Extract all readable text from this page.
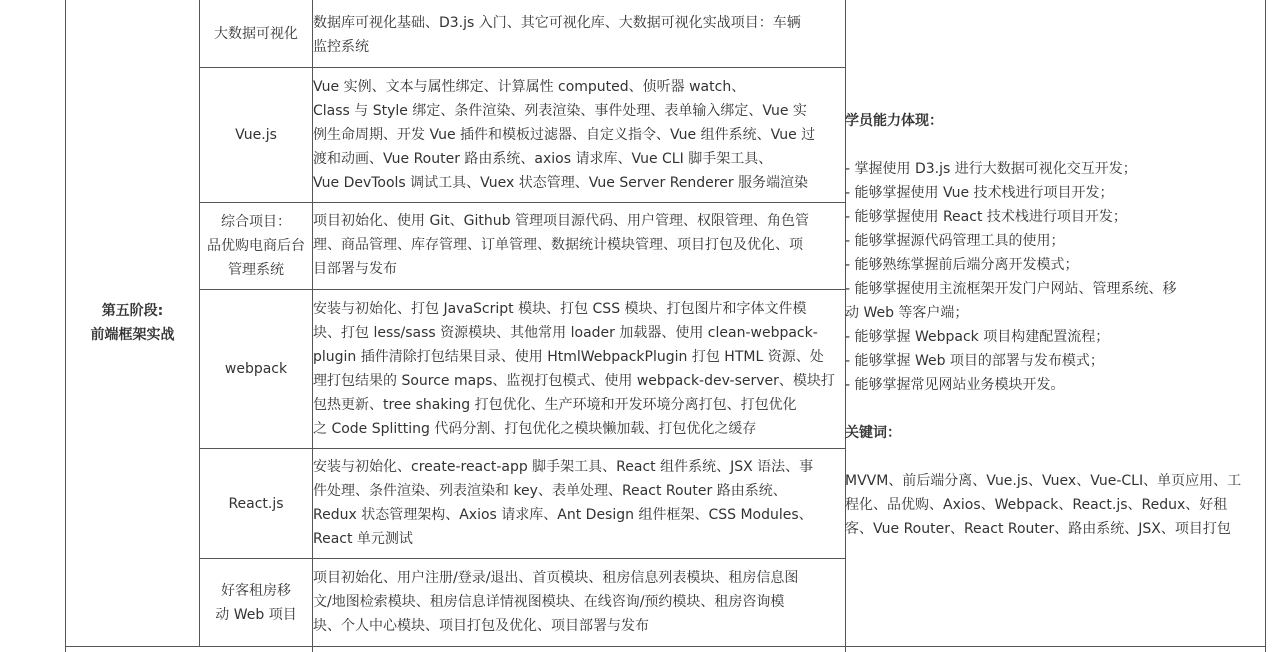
第五阶段:
前端框架实战
大数据可视化
Vue.js
综合项目：
品优购电商后台
管理系统
webpack
React.js
好客租房移
动 Web 项目
数据库可视化基础、D3.js 入门、其它可视化库、大数据可视化实战项目：车辆
监控系统
Vue 实例、文本与属性绑定、计算属性 computed、侦听器 watch、
Class 与 Style 绑定、条件渲染、列表渲染、事件处理、表单输入绑定、Vue 实
例生命周期、开发 Vue 插件和模板过滤器、自定义指令、Vue 组件系统、Vue 过
渡和动画、Vue Router 路由系统、axios 请求库、Vue CLI 脚手架工具、
Vue DevTools 调试工具、Vuex 状态管理、Vue Server Renderer 服务端渲染
项目初始化、使用 Git、Github 管理项目源代码、用户管理、权限管理、角色管
理、商品管理、库存管理、订单管理、数据统计模块管理、项目打包及优化、项
目部署与发布
安装与初始化、打包 JavaScript 模块、打包 CSS 模块、打包图片和字体文件模
块、打包 less/sass 资源模块、其他常用 loader 加载器、使用 clean-webpack-
plugin 插件清除打包结果目录、使用 HtmlWebpackPlugin 打包 HTML 资源、处
理打包结果的 Source maps、监视打包模式、使用 webpack-dev-server、模块打
包热更新、tree shaking 打包优化、生产环境和开发环境分离打包、打包优化
之 Code Splitting 代码分割、打包优化之模块懒加载、打包优化之缓存
安装与初始化、create-react-app 脚手架工具、React 组件系统、JSX 语法、事
件处理、条件渲染、列表渲染和 key、表单处理、React Router 路由系统、
Redux 状态管理架构、Axios 请求库、Ant Design 组件框架、CSS Modules、
React 单元测试
项目初始化、用户注册/登录/退出、首页模块、租房信息列表模块、租房信息图
文/地图检索模块、租房信息详情视图模块、在线咨询/预约模块、租房咨询模
块、个人中心模块、项目打包及优化、项目部署与发布
学员能力体现：
- 掌握使用 D3.js 进行大数据可视化交互开发；
- 能够掌握使用 Vue 技术栈进行项目开发；
- 能够掌握使用 React 技术栈进行项目开发；
- 能够掌握源代码管理工具的使用；
- 能够熟练掌握前后端分离开发模式；
- 能够掌握使用主流框架开发门户网站、管理系统、移
动 Web 等客户端；
- 能够掌握 Webpack 项目构建配置流程；
- 能够掌握 Web 项目的部署与发布模式；
- 能够掌握常见网站业务模块开发。
关键词：
MVVM、前后端分离、Vue.js、Vuex、Vue-CLI、单页应用、工
程化、品优购、Axios、Webpack、React.js、Redux、好租
客、Vue Router、React Router、路由系统、JSX、项目打包
